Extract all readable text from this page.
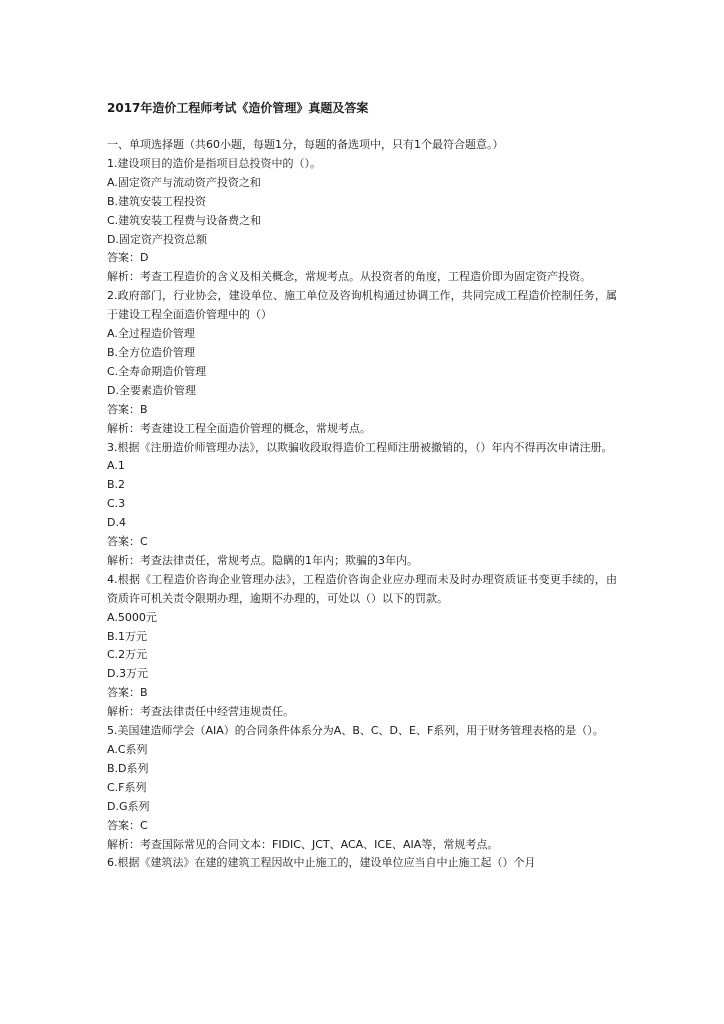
2017年造价工程师考试《造价管理》真题及答案
一、单项选择题（共60小题，每题1分，每题的备选项中，只有1个最符合题意。）
1.建设项目的造价是指项目总投资中的（）。
A.固定资产与流动资产投资之和
B.建筑安装工程投资
C.建筑安装工程费与设备费之和
D.固定资产投资总额
答案：D
解析：考查工程造价的含义及相关概念，常规考点。从投资者的角度，工程造价即为固定资产投资。
2.政府部门，行业协会，建设单位、施工单位及咨询机构通过协调工作，共同完成工程造价控制任务，属于建设工程全面造价管理中的（）
A.全过程造价管理
B.全方位造价管理
C.全寿命期造价管理
D.全要素造价管理
答案：B
解析：考查建设工程全面造价管理的概念，常规考点。
3.根据《注册造价师管理办法》，以欺骗收段取得造价工程师注册被撤销的，（）年内不得再次申请注册。
A.1
B.2
C.3
D.4
答案：C
解析：考查法律责任，常规考点。隐瞒的1年内；欺骗的3年内。
4.根据《工程造价咨询企业管理办法》，工程造价咨询企业应办理而未及时办理资质证书变更手续的，由资质许可机关责令限期办理，逾期不办理的，可处以（）以下的罚款。
A.5000元
B.1万元
C.2万元
D.3万元
答案：B
解析：考查法律责任中经营违规责任。
5.美国建造师学会（AIA）的合同条件体系分为A、B、C、D、E、F系列，用于财务管理表格的是（）。
A.C系列
B.D系列
C.F系列
D.G系列
答案：C
解析：考查国际常见的合同文本：FIDIC、JCT、ACA、ICE、AIA等，常规考点。
6.根据《建筑法》在建的建筑工程因故中止施工的，建设单位应当自中止施工起（）个月
